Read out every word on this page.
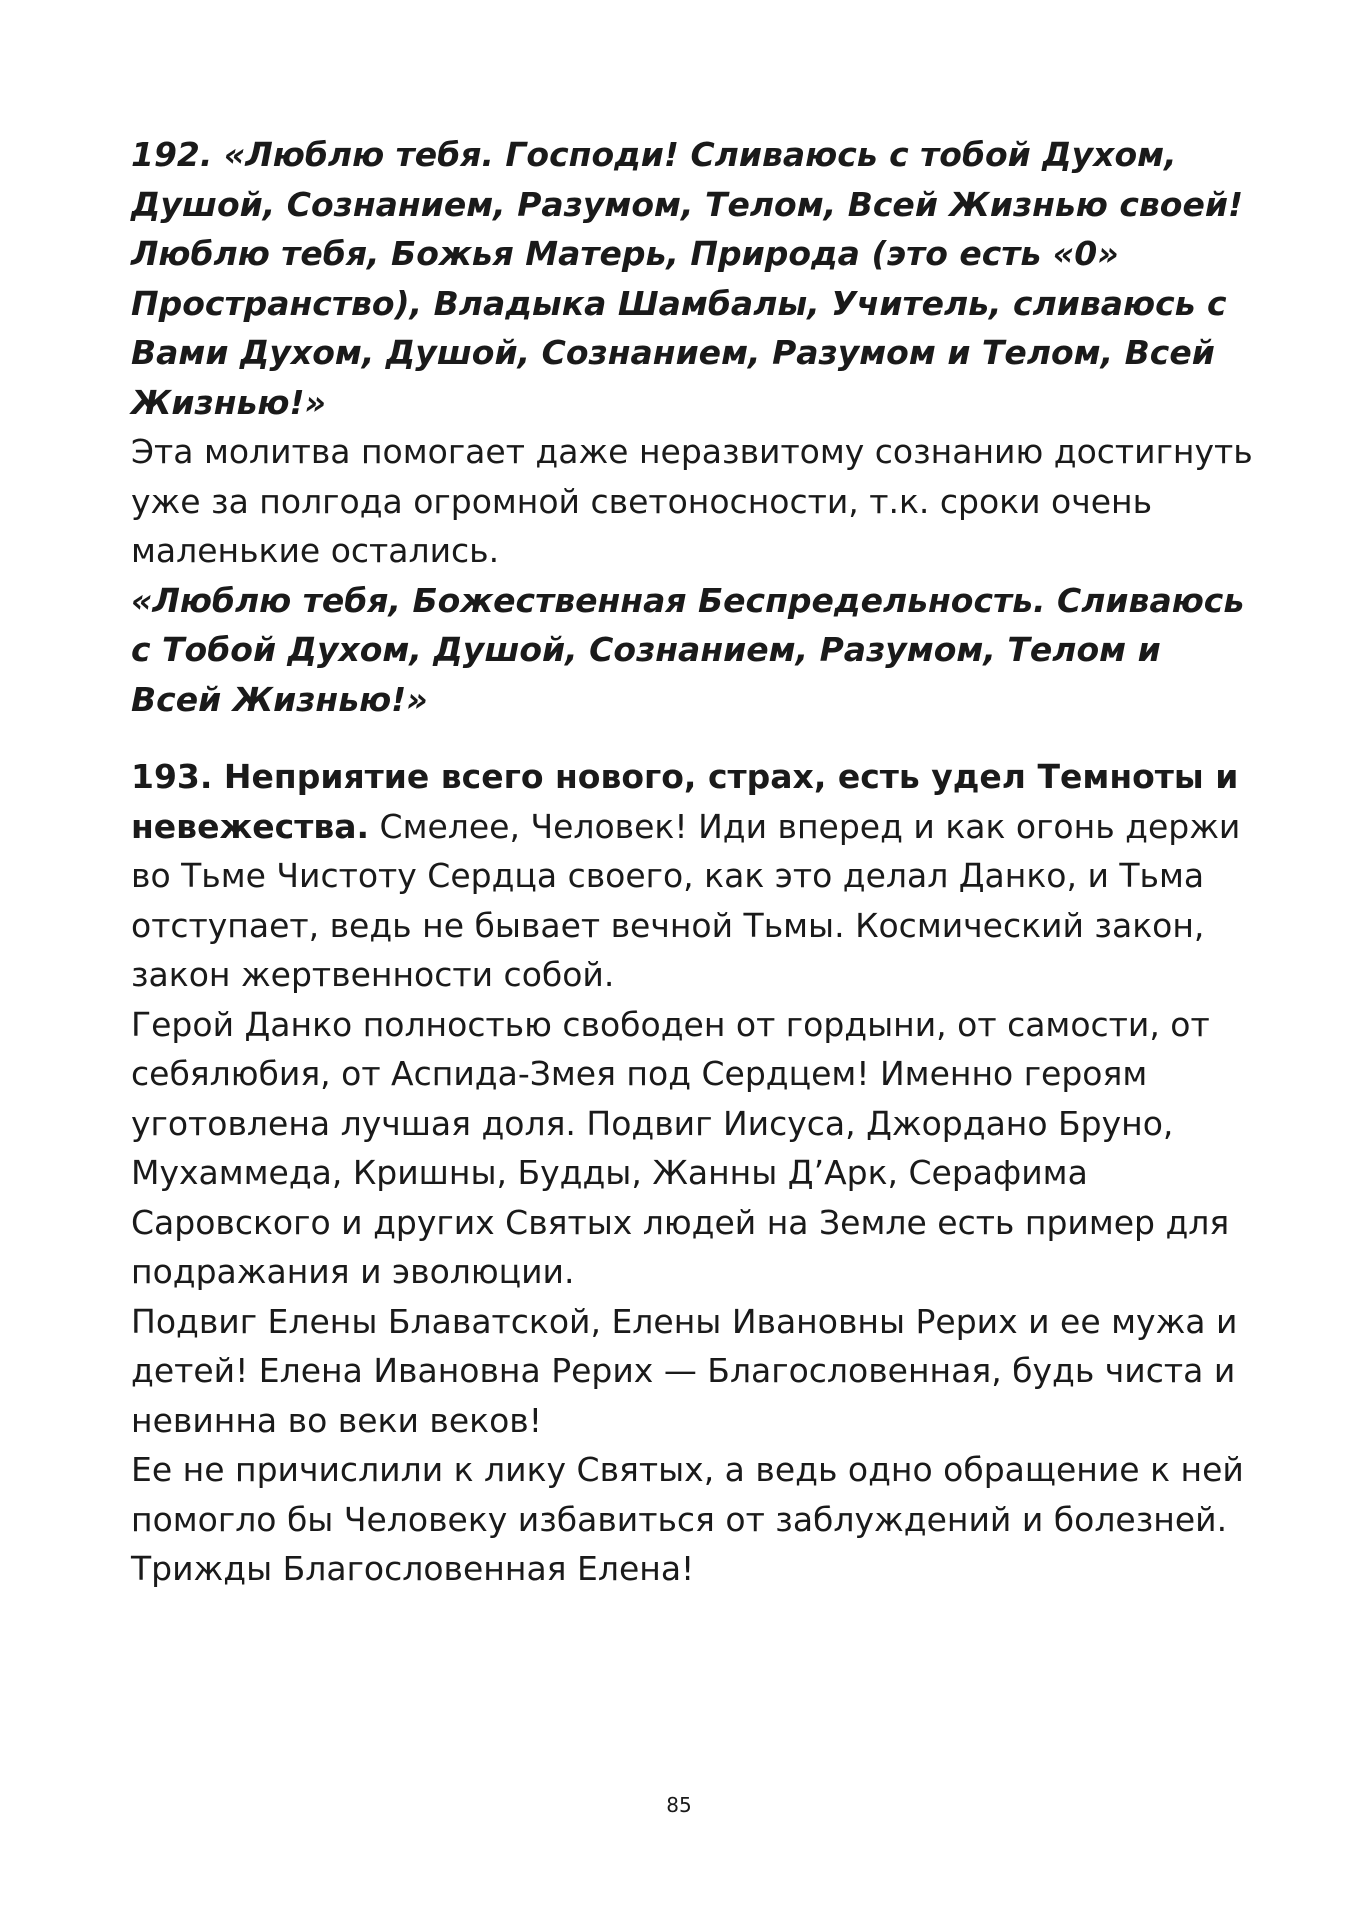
192. «Люблю тебя. Господи! Сливаюсь с тобой Духом, Душой, Сознанием, Разумом, Телом, Всей Жизнью своей! Люблю тебя, Божья Матерь, Природа (это есть «0» Пространство), Владыка Шамбалы, Учитель, сливаюсь с Вами Духом, Душой, Сознанием, Разумом и Телом, Всей Жизнью!»

Эта молитва помогает даже неразвитому сознанию достигнуть уже за полгода огромной светоносности, т.к. сроки очень маленькие остались.

«Люблю тебя, Божественная Беспредельность. Сливаюсь с Тобой Духом, Душой, Сознанием, Разумом, Телом и Всей Жизнью!»

193. Неприятие всего нового, страх, есть удел Темноты и невежества. Смелее, Человек! Иди вперед и как огонь держи во Тьме Чистоту Сердца своего, как это делал Данко, и Тьма отступает, ведь не бывает вечной Тьмы. Космический закон, закон жертвенности собой.

Герой Данко полностью свободен от гордыни, от самости, от себялюбия, от Аспида-Змея под Сердцем! Именно героям уготовлена лучшая доля. Подвиг Иисуса, Джордано Бруно, Мухаммеда, Кришны, Будды, Жанны Д’Арк, Серафима Саровского и других Святых людей на Земле есть пример для подражания и эволюции.

Подвиг Елены Блаватской, Елены Ивановны Рерих и ее мужа и детей! Елена Ивановна Рерих — Благословенная, будь чиста и невинна во веки веков!

Ее не причислили к лику Святых, а ведь одно обращение к ней помогло бы Человеку избавиться от заблуждений и болезней. Трижды Благословенная Елена!

85
